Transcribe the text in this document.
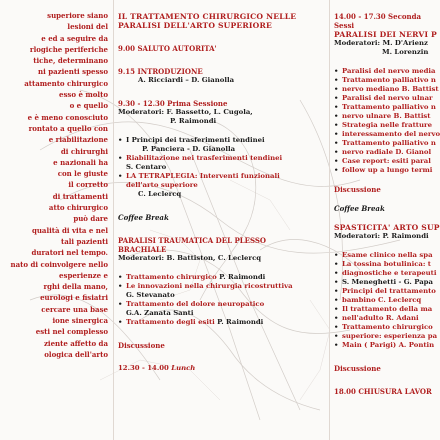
superiore siano

lesioni del

e ed a seguire da

rlogiche periferiche

tiche, determinano

ni pazienti spesso

attamento chirurgico

esso è molto

o e quello

e è meno conosciuto

rontato a quello con

e riabilitazione

di chirurghi

e nazionali ha

con le giuste

il corretto

di trattamenti

atto chirurgico

può dare

qualità di vita e nel

tali pazienti

duratori nel tempo.

nato di coinvolgere nello

esperienze e

rghi della mano,

eurologi e fisiatri

cercare una base

ione sinergica

esti nel complesso

ziente affetto da

ologica dell'arto

IL TRATTAMENTO CHIRURGICO NELLE
PARALISI DELL'ARTO SUPERIORE
9.00 SALUTO AUTORITA'
9.15 INTRODUZIONE
A. Ricciardi – D. Gianolla
9.30 - 12.30 Prima Sessione
Moderatori: F. Bassetto, L. Cugola,
P. Raimondi
• I Principi dei trasferimenti tendinei
P. Panciera - D. Gianolla
• Riabilitazione nei trasferimenti tendinei
S. Centaro
• LA TETRAPLEGIA: Interventi funzionali
dell'arto superiore
C. Leclercq
Coffee Break
PARALISI TRAUMATICA DEL PLESSO
BRACHIALE
Moderatori: B. Battiston, C. Leclercq
• Trattamento chirurgico P. Raimondi
• Le innovazioni nella chirurgia ricostruttiva
G. Stevanato
• Trattamento del dolore neuropatico
G.A. Zanata Santi
• Trattamento degli esiti P. Raimondi
Discussione
12.30 - 14.00 Lunch
14.00 - 17.30 Seconda Sessi
PARALISI DEI NERVI P
Moderatori: M. D'Arienz
M. Lorenzin
• Paralisi del nervo media
• Trattamento palliativo n
• nervo mediano B. Battist
• Paralisi del nervo ulnar
• Trattamento palliativo n
• nervo ulnare B. Battist
• Strategia nelle fratture
• interessamento del nervo
• Trattamento palliativo n
• nervo radiale D. Gianol
• Case report: esiti paral
• follow up a lungo termi
Discussione
Coffee Break
SPASTICITA' ARTO SUP
Moderatori: P. Raimondi
• Esame clinico nella spa
• La tossina botulinica: t
• diagnostiche e terapeuti
• S. Meneghetti - G. Papa
• Principi del trattamento
• bambino C. Leclercq
• Il trattamento della ma
• nell'adulto R. Adani
• Trattamento chirurgico
• superiore: esperienza pa
• Main ( Parigi) A. Pontin
Discussione
18.00 CHIUSURA LAVOR
